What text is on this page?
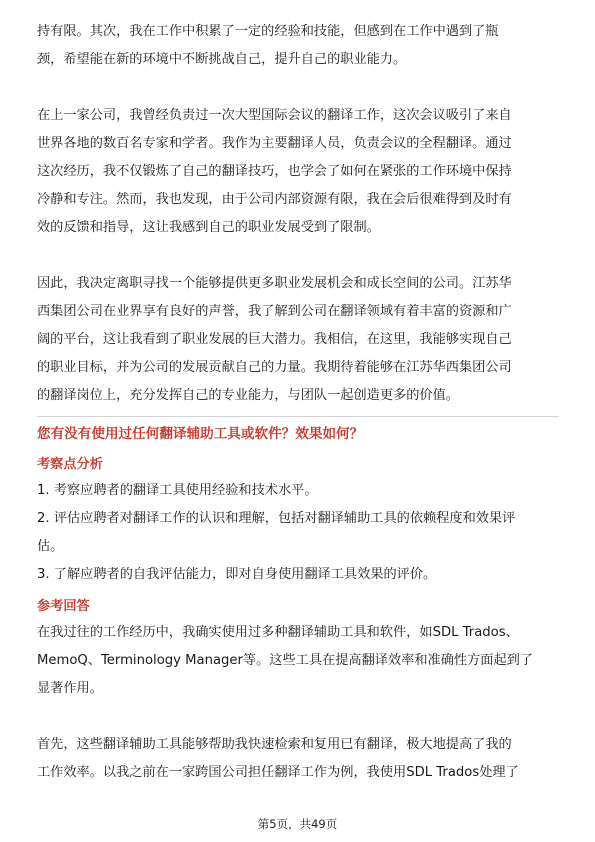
持有限。其次，我在工作中积累了一定的经验和技能，但感到在工作中遇到了瓶

颈，希望能在新的环境中不断挑战自己，提升自己的职业能力。

在上一家公司，我曾经负责过一次大型国际会议的翻译工作，这次会议吸引了来自

世界各地的数百名专家和学者。我作为主要翻译人员，负责会议的全程翻译。通过

这次经历，我不仅锻炼了自己的翻译技巧，也学会了如何在紧张的工作环境中保持

冷静和专注。然而，我也发现，由于公司内部资源有限，我在会后很难得到及时有

效的反馈和指导，这让我感到自己的职业发展受到了限制。

因此，我决定离职寻找一个能够提供更多职业发展机会和成长空间的公司。江苏华

西集团公司在业界享有良好的声誉，我了解到公司在翻译领域有着丰富的资源和广

阔的平台，这让我看到了职业发展的巨大潜力。我相信，在这里，我能够实现自己

的职业目标，并为公司的发展贡献自己的力量。我期待着能够在江苏华西集团公司

的翻译岗位上，充分发挥自己的专业能力，与团队一起创造更多的价值。

您有没有使用过任何翻译辅助工具或软件？效果如何？

考察点分析

1. 考察应聘者的翻译工具使用经验和技术水平。

2. 评估应聘者对翻译工作的认识和理解，包括对翻译辅助工具的依赖程度和效果评

估。

3. 了解应聘者的自我评估能力，即对自身使用翻译工具效果的评价。

参考回答

在我过往的工作经历中，我确实使用过多种翻译辅助工具和软件，如SDL Trados、

MemoQ、Terminology Manager等。这些工具在提高翻译效率和准确性方面起到了

显著作用。

首先，这些翻译辅助工具能够帮助我快速检索和复用已有翻译，极大地提高了我的

工作效率。以我之前在一家跨国公司担任翻译工作为例，我使用SDL Trados处理了

第5页，共49页
